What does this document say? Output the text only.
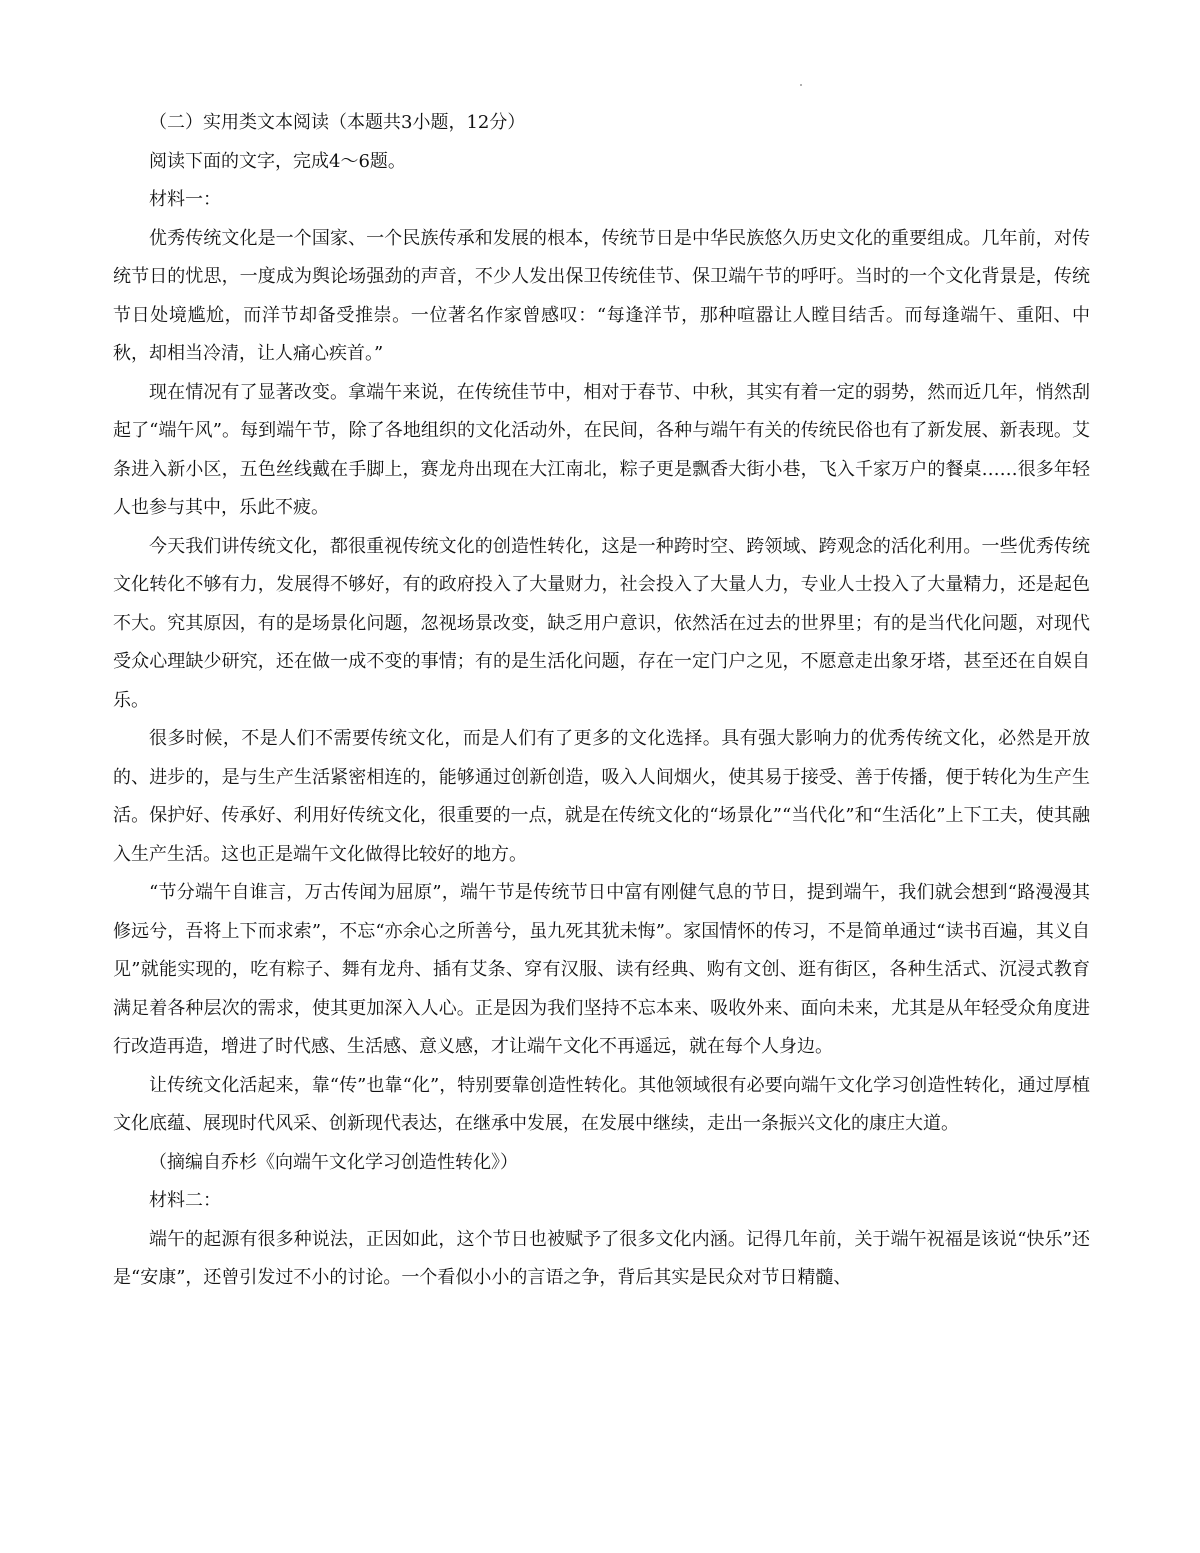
（二）实用类文本阅读（本题共3小题，12分）

阅读下面的文字，完成4～6题。

材料一：

优秀传统文化是一个国家、一个民族传承和发展的根本，传统节日是中华民族悠久历史文化的重要组成。几年前，对传统节日的忧思，一度成为舆论场强劲的声音，不少人发出保卫传统佳节、保卫端午节的呼吁。当时的一个文化背景是，传统节日处境尴尬，而洋节却备受推崇。一位著名作家曾感叹：“每逢洋节，那种喧嚣让人瞠目结舌。而每逢端午、重阳、中秋，却相当冷清，让人痛心疾首。”

现在情况有了显著改变。拿端午来说，在传统佳节中，相对于春节、中秋，其实有着一定的弱势，然而近几年，悄然刮起了“端午风”。每到端午节，除了各地组织的文化活动外，在民间，各种与端午有关的传统民俗也有了新发展、新表现。艾条进入新小区，五色丝线戴在手脚上，赛龙舟出现在大江南北，粽子更是飘香大街小巷，飞入千家万户的餐桌……很多年轻人也参与其中，乐此不疲。

今天我们讲传统文化，都很重视传统文化的创造性转化，这是一种跨时空、跨领域、跨观念的活化利用。一些优秀传统文化转化不够有力，发展得不够好，有的政府投入了大量财力，社会投入了大量人力，专业人士投入了大量精力，还是起色不大。究其原因，有的是场景化问题，忽视场景改变，缺乏用户意识，依然活在过去的世界里；有的是当代化问题，对现代受众心理缺少研究，还在做一成不变的事情；有的是生活化问题，存在一定门户之见，不愿意走出象牙塔，甚至还在自娱自乐。

很多时候，不是人们不需要传统文化，而是人们有了更多的文化选择。具有强大影响力的优秀传统文化，必然是开放的、进步的，是与生产生活紧密相连的，能够通过创新创造，吸入人间烟火，使其易于接受、善于传播，便于转化为生产生活。保护好、传承好、利用好传统文化，很重要的一点，就是在传统文化的“场景化”“当代化”和“生活化”上下工夫，使其融入生产生活。这也正是端午文化做得比较好的地方。

“节分端午自谁言，万古传闻为屈原”，端午节是传统节日中富有刚健气息的节日，提到端午，我们就会想到“路漫漫其修远兮，吾将上下而求索”，不忘“亦余心之所善兮，虽九死其犹未悔”。家国情怀的传习，不是简单通过“读书百遍，其义自见”就能实现的，吃有粽子、舞有龙舟、插有艾条、穿有汉服、读有经典、购有文创、逛有街区，各种生活式、沉浸式教育满足着各种层次的需求，使其更加深入人心。正是因为我们坚持不忘本来、吸收外来、面向未来，尤其是从年轻受众角度进行改造再造，增进了时代感、生活感、意义感，才让端午文化不再遥远，就在每个人身边。

让传统文化活起来，靠“传”也靠“化”，特别要靠创造性转化。其他领域很有必要向端午文化学习创造性转化，通过厚植文化底蕴、展现时代风采、创新现代表达，在继承中发展，在发展中继续，走出一条振兴文化的康庄大道。

（摘编自乔杉《向端午文化学习创造性转化》）

材料二：

端午的起源有很多种说法，正因如此，这个节日也被赋予了很多文化内涵。记得几年前，关于端午祝福是该说“快乐”还是“安康”，还曾引发过不小的讨论。一个看似小小的言语之争，背后其实是民众对节日精髓、
